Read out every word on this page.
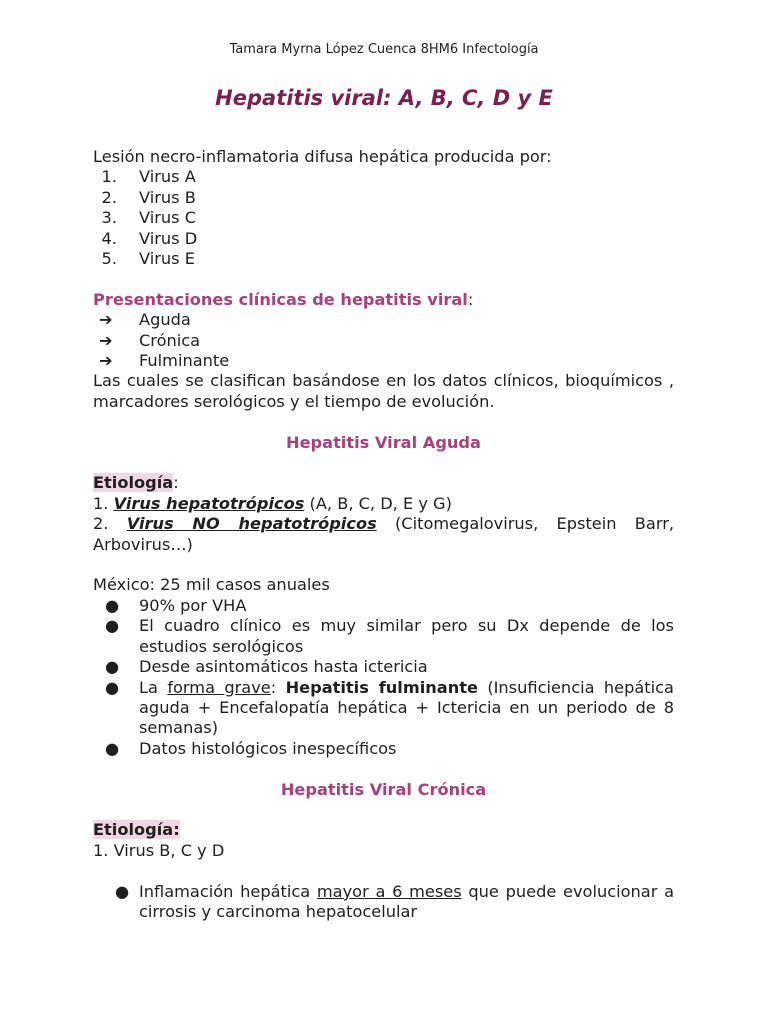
Tamara Myrna López Cuenca 8HM6 Infectología
Hepatitis viral: A, B, C, D y E
Lesión necro-inflamatoria difusa hepática producida por:
1.	Virus A
2.	Virus B
3.	Virus C
4.	Virus D
5.	Virus E
Presentaciones clínicas de hepatitis viral:
➔	Aguda
➔	Crónica
➔	Fulminante
Las cuales se clasifican basándose en los datos clínicos, bioquímicos , marcadores serológicos y el tiempo de evolución.
Hepatitis Viral Aguda
Etiología:
1. Virus hepatotrópicos (A, B, C, D, E y G)
2. Virus NO hepatotrópicos (Citomegalovirus, Epstein Barr,
Arbovirus…)
México: 25 mil casos anuales
●	90% por VHA
●	El cuadro clínico es muy similar pero su Dx depende de los estudios serológicos
●	Desde asintomáticos hasta ictericia
●	La forma grave: Hepatitis fulminante (Insuficiencia hepática aguda + Encefalopatía hepática + Ictericia en un periodo de 8 semanas)
●	Datos histológicos inespecíficos
Hepatitis Viral Crónica
Etiología:
1. Virus B, C y D
● Inflamación hepática mayor a 6 meses que puede evolucionar a cirrosis y carcinoma hepatocelular
